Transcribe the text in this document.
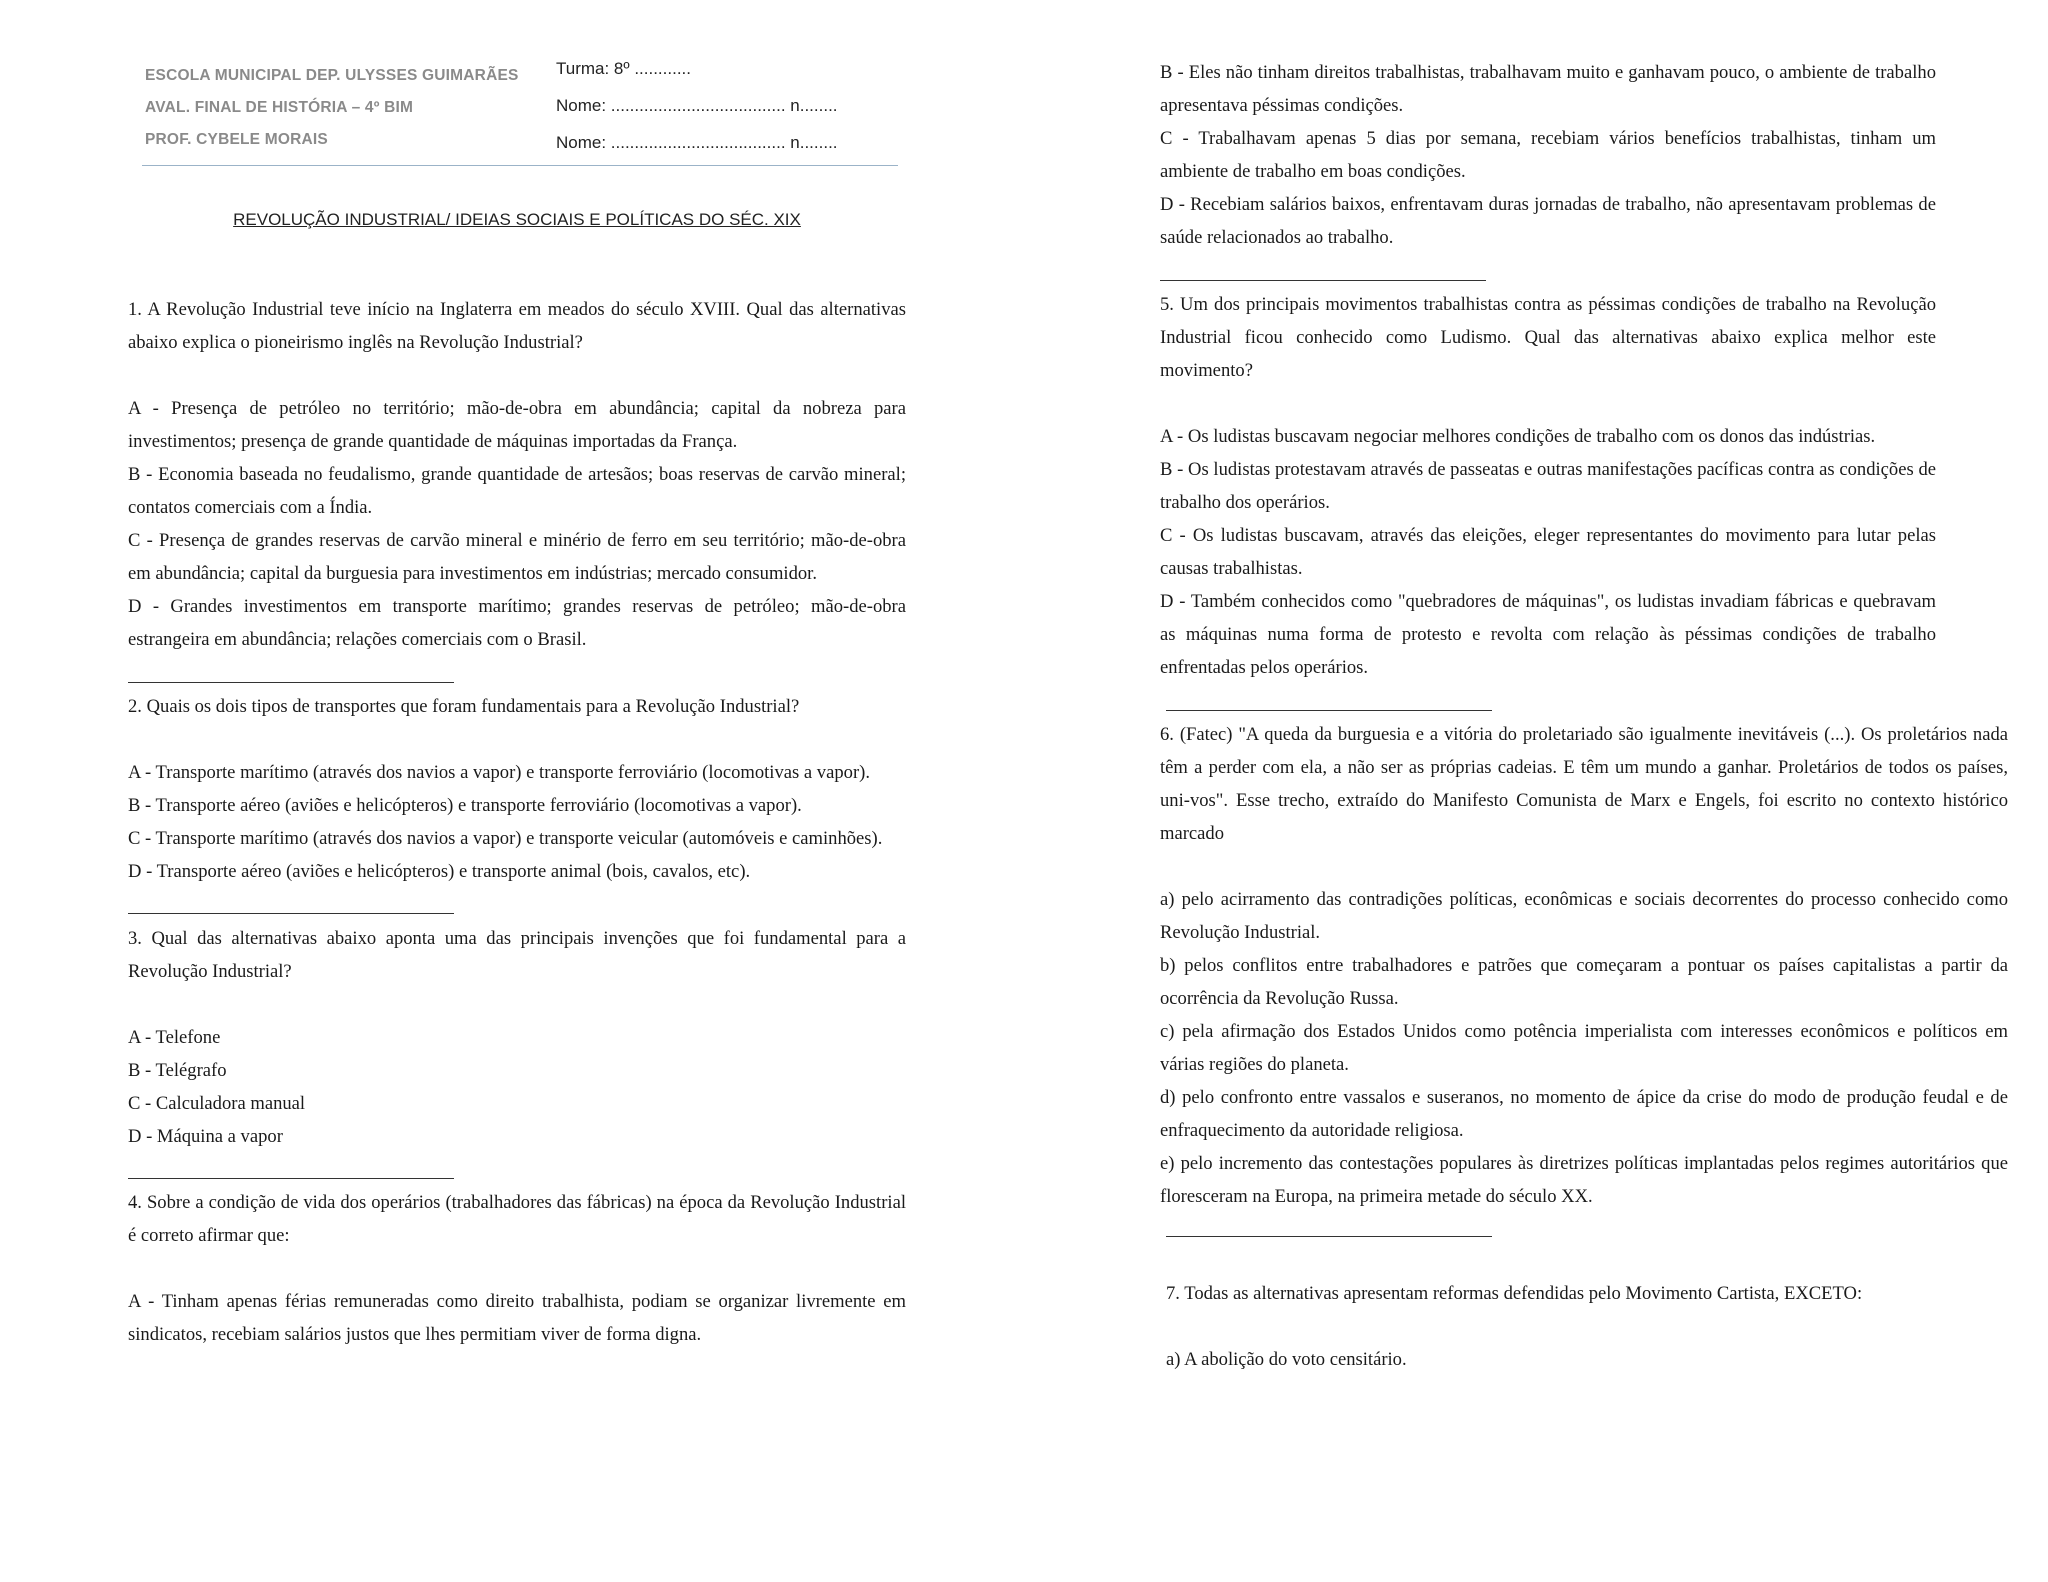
ESCOLA MUNICIPAL DEP. ULYSSES GUIMARÃES
AVAL. FINAL DE HISTÓRIA – 4º BIM
PROF. CYBELE MORAIS
Turma: 8º ............
Nome: ..................................... n........
Nome: ..................................... n........
REVOLUÇÃO INDUSTRIAL/ IDEIAS SOCIAIS E POLÍTICAS DO SÉC. XIX

1. A Revolução Industrial teve início na Inglaterra em meados do século XVIII. Qual das alternativas abaixo explica o pioneirismo inglês na Revolução Industrial?

A - Presença de petróleo no território; mão-de-obra em abundância; capital da nobreza para investimentos; presença de grande quantidade de máquinas importadas da França.

B - Economia baseada no feudalismo, grande quantidade de artesãos; boas reservas de carvão mineral; contatos comerciais com a Índia.

C - Presença de grandes reservas de carvão mineral e minério de ferro em seu território; mão-de-obra em abundância; capital da burguesia para investimentos em indústrias; mercado consumidor.

D - Grandes investimentos em transporte marítimo; grandes reservas de petróleo; mão-de-obra estrangeira em abundância; relações comerciais com o Brasil.

2. Quais os dois tipos de transportes que foram fundamentais para a Revolução Industrial?

A - Transporte marítimo (através dos navios a vapor) e transporte ferroviário (locomotivas a vapor).

B - Transporte aéreo (aviões e helicópteros) e transporte ferroviário (locomotivas a vapor).

C - Transporte marítimo (através dos navios a vapor) e transporte veicular (automóveis e caminhões).

D - Transporte aéreo (aviões e helicópteros) e transporte animal (bois, cavalos, etc).

3. Qual das alternativas abaixo aponta uma das principais invenções que foi fundamental para a Revolução Industrial?

A - Telefone

B - Telégrafo

C - Calculadora manual

D - Máquina a vapor

4. Sobre a condição de vida dos operários (trabalhadores das fábricas) na época da Revolução Industrial é correto afirmar que:

A - Tinham apenas férias remuneradas como direito trabalhista, podiam se organizar livremente em sindicatos, recebiam salários justos que lhes permitiam viver de forma digna.

B - Eles não tinham direitos trabalhistas, trabalhavam muito e ganhavam pouco, o ambiente de trabalho apresentava péssimas condições.

C - Trabalhavam apenas 5 dias por semana, recebiam vários benefícios trabalhistas, tinham um ambiente de trabalho em boas condições.

D - Recebiam salários baixos, enfrentavam duras jornadas de trabalho, não apresentavam problemas de saúde relacionados ao trabalho.

5. Um dos principais movimentos trabalhistas contra as péssimas condições de trabalho na Revolução Industrial ficou conhecido como Ludismo. Qual das alternativas abaixo explica melhor este movimento?

A - Os ludistas buscavam negociar melhores condições de trabalho com os donos das indústrias.

B - Os ludistas protestavam através de passeatas e outras manifestações pacíficas contra as condições de trabalho dos operários.

C - Os ludistas buscavam, através das eleições, eleger representantes do movimento para lutar pelas causas trabalhistas.

D - Também conhecidos como "quebradores de máquinas", os ludistas invadiam fábricas e quebravam as máquinas numa forma de protesto e revolta com relação às péssimas condições de trabalho enfrentadas pelos operários.

6. (Fatec) "A queda da burguesia e a vitória do proletariado são igualmente inevitáveis (...). Os proletários nada têm a perder com ela, a não ser as próprias cadeias. E têm um mundo a ganhar. Proletários de todos os países, uni-vos". Esse trecho, extraído do Manifesto Comunista de Marx e Engels, foi escrito no contexto histórico marcado

a) pelo acirramento das contradições políticas, econômicas e sociais decorrentes do processo conhecido como Revolução Industrial.

b) pelos conflitos entre trabalhadores e patrões que começaram a pontuar os países capitalistas a partir da ocorrência da Revolução Russa.

c) pela afirmação dos Estados Unidos como potência imperialista com interesses econômicos e políticos em várias regiões do planeta.

d) pelo confronto entre vassalos e suseranos, no momento de ápice da crise do modo de produção feudal e de enfraquecimento da autoridade religiosa.

e) pelo incremento das contestações populares às diretrizes políticas implantadas pelos regimes autoritários que floresceram na Europa, na primeira metade do século XX.

7. Todas as alternativas apresentam reformas defendidas pelo Movimento Cartista, EXCETO:

a) A abolição do voto censitário.
